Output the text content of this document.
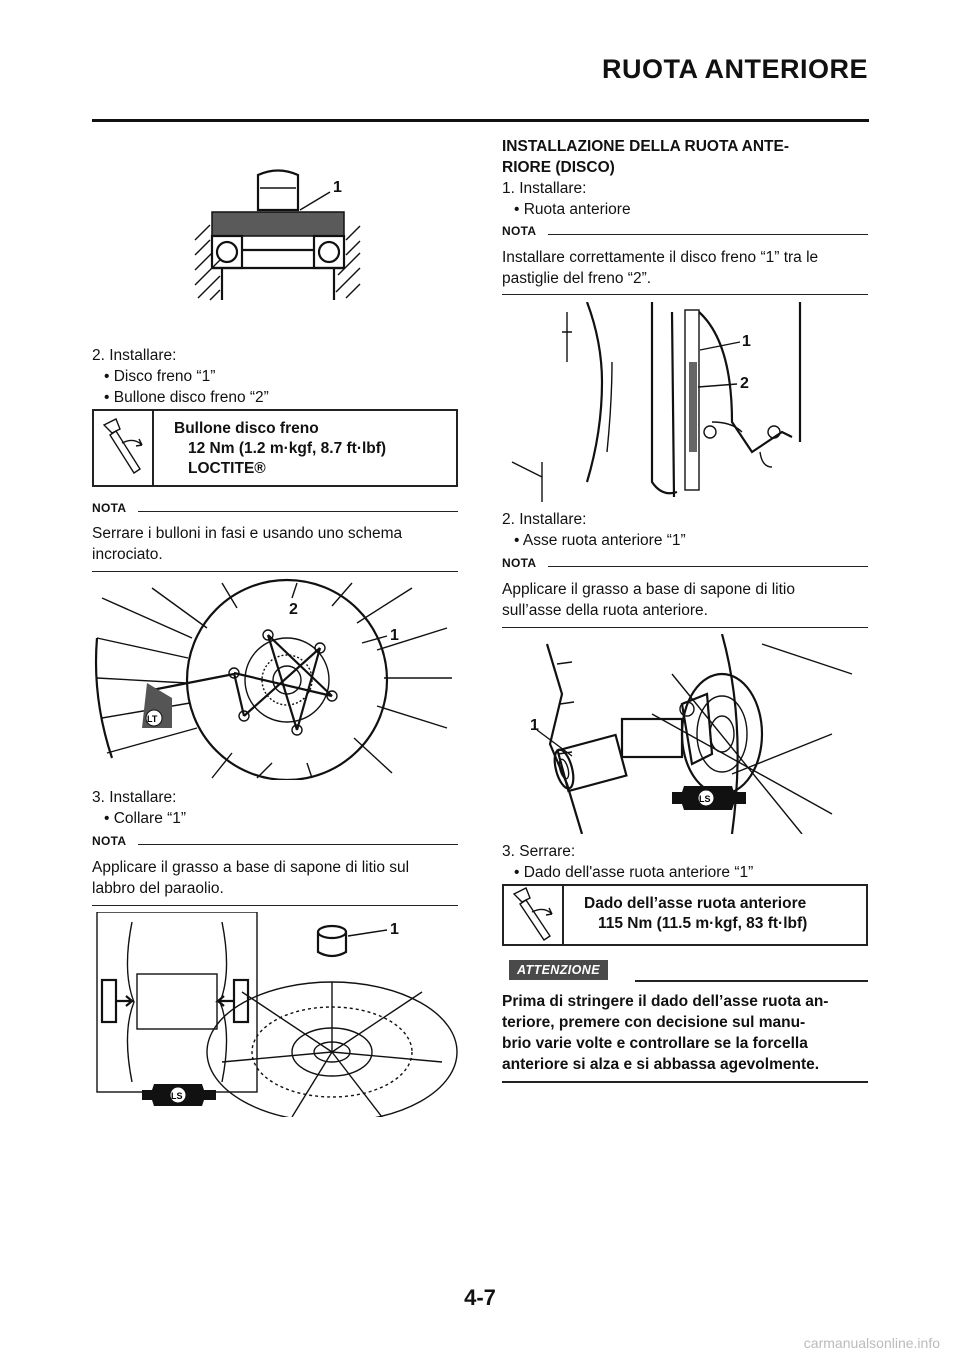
RUOTA ANTERIORE
1
2. Installare:
• Disco freno “1”
• Bullone disco freno “2”
Bullone disco freno
12 Nm (1.2 m·kgf, 8.7 ft·lbf)
LOCTITE®
NOTA
Serrare i bulloni in fasi e usando uno schema
incrociato.
LT
2
1
3. Installare:
• Collare “1”
NOTA
Applicare il grasso a base di sapone di litio sul
labbro del paraolio.
1
LS
INSTALLAZIONE DELLA RUOTA ANTE-
RIORE (DISCO)
1. Installare:
• Ruota anteriore
NOTA
Installare correttamente il disco freno “1” tra le
pastiglie del freno “2”.
1
2
2. Installare:
• Asse ruota anteriore “1”
NOTA
Applicare il grasso a base di sapone di litio
sull’asse della ruota anteriore.
1
LS
3. Serrare:
• Dado dell'asse ruota anteriore “1”
Dado dell’asse ruota anteriore
115 Nm (11.5 m·kgf, 83 ft·lbf)
ATTENZIONE
Prima di stringere il dado dell’asse ruota an-
teriore, premere con decisione sul manu-
brio varie volte e controllare se la forcella
anteriore si alza e si abbassa agevolmente.
4-7
carmanualsonline.info
